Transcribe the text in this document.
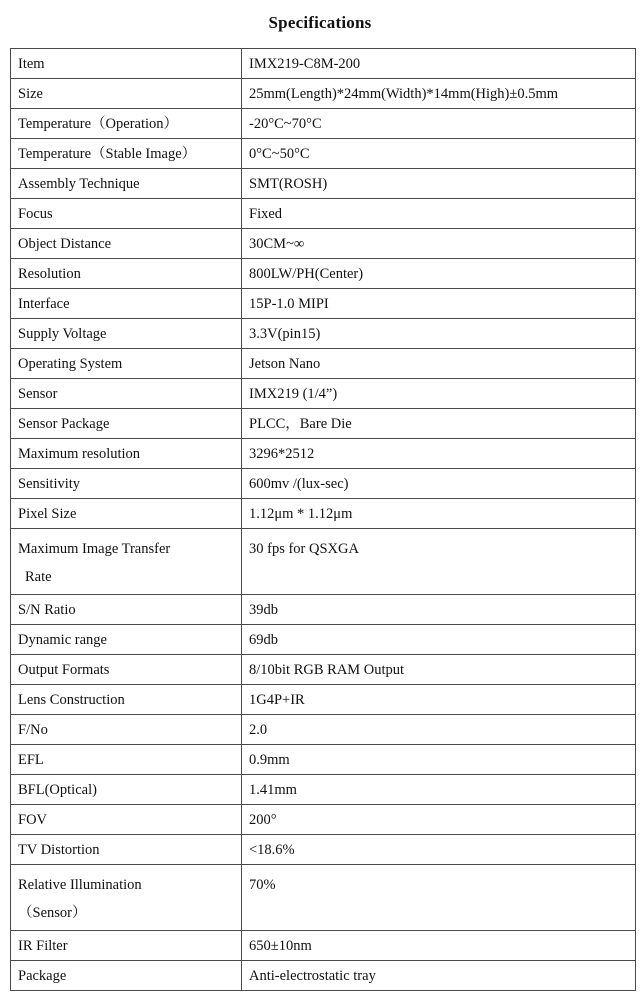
Specifications
Item	IMX219-C8M-200
Size	25mm(Length)*24mm(Width)*14mm(High)±0.5mm
Temperature（Operation）	-20°C~70°C
Temperature（Stable Image）	0°C~50°C
Assembly Technique	SMT(ROSH)
Focus	Fixed
Object Distance	30CM~∞
Resolution	800LW/PH(Center)
Interface	15P-1.0 MIPI
Supply Voltage	3.3V(pin15)
Operating System	Jetson Nano
Sensor	IMX219 (1/4”)
Sensor Package	PLCC，Bare Die
Maximum resolution	3296*2512
Sensitivity	600mv /(lux-sec)
Pixel Size	1.12μm * 1.12μm

Maximum Image Transfer
Rate	30 fps for QSXGA

S/N Ratio	39db
Dynamic range	69db
Output Formats	8/10bit RGB RAM Output
Lens Construction	1G4P+IR
F/No	2.0
EFL	0.9mm
BFL(Optical)	1.41mm
FOV	200°
TV Distortion	<18.6%

Relative Illumination
（Sensor）	70%

IR Filter	650±10nm
Package	Anti-electrostatic tray
